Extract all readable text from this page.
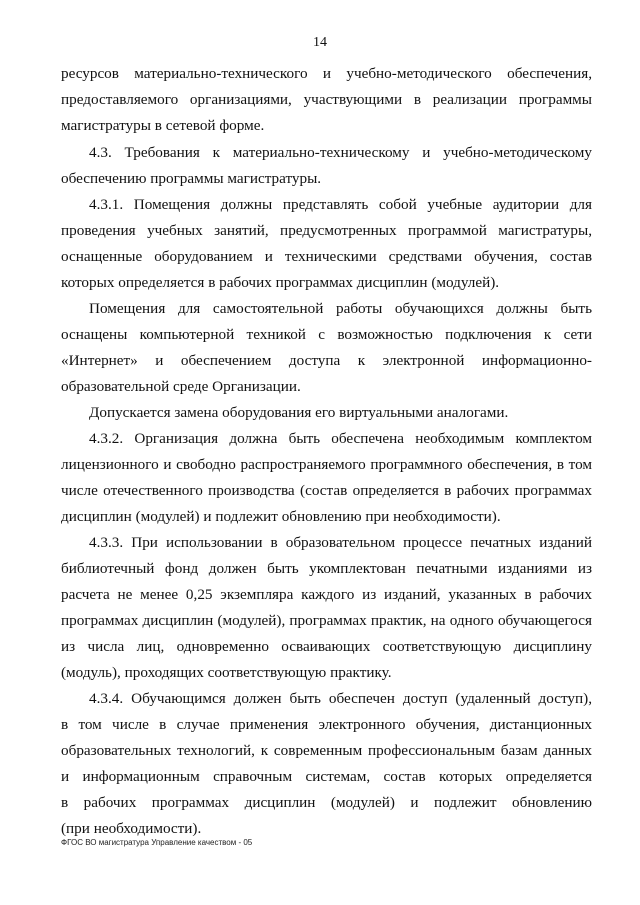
14
ресурсов материально-технического и учебно-методического обеспечения,
предоставляемого организациями, участвующими в реализации программы
магистратуры в сетевой форме.
4.3. Требования к материально-техническому и учебно-методическому
обеспечению программы магистратуры.
4.3.1. Помещения должны представлять собой учебные аудитории для
проведения учебных занятий, предусмотренных программой магистратуры,
оснащенные оборудованием и техническими средствами обучения, состав
которых определяется в рабочих программах дисциплин (модулей).
Помещения для самостоятельной работы обучающихся должны быть
оснащены компьютерной техникой с возможностью подключения к сети
«Интернет» и обеспечением доступа к электронной информационно-
образовательной среде Организации.
Допускается замена оборудования его виртуальными аналогами.
4.3.2. Организация должна быть обеспечена необходимым комплектом
лицензионного и свободно распространяемого программного обеспечения, в том
числе отечественного производства (состав определяется в рабочих программах
дисциплин (модулей) и подлежит обновлению при необходимости).
4.3.3. При использовании в образовательном процессе печатных изданий
библиотечный фонд должен быть укомплектован печатными изданиями из
расчета не менее 0,25 экземпляра каждого из изданий, указанных в рабочих
программах дисциплин (модулей), программах практик, на одного обучающегося
из числа лиц, одновременно осваивающих соответствующую дисциплину
(модуль), проходящих соответствующую практику.
4.3.4. Обучающимся должен быть обеспечен доступ (удаленный доступ),
в том числе в случае применения электронного обучения, дистанционных
образовательных технологий, к современным профессиональным базам данных
и информационным справочным системам, состав которых определяется
в рабочих программах дисциплин (модулей) и подлежит обновлению
(при необходимости).
ФГОС ВО магистратура Управление качеством - 05
